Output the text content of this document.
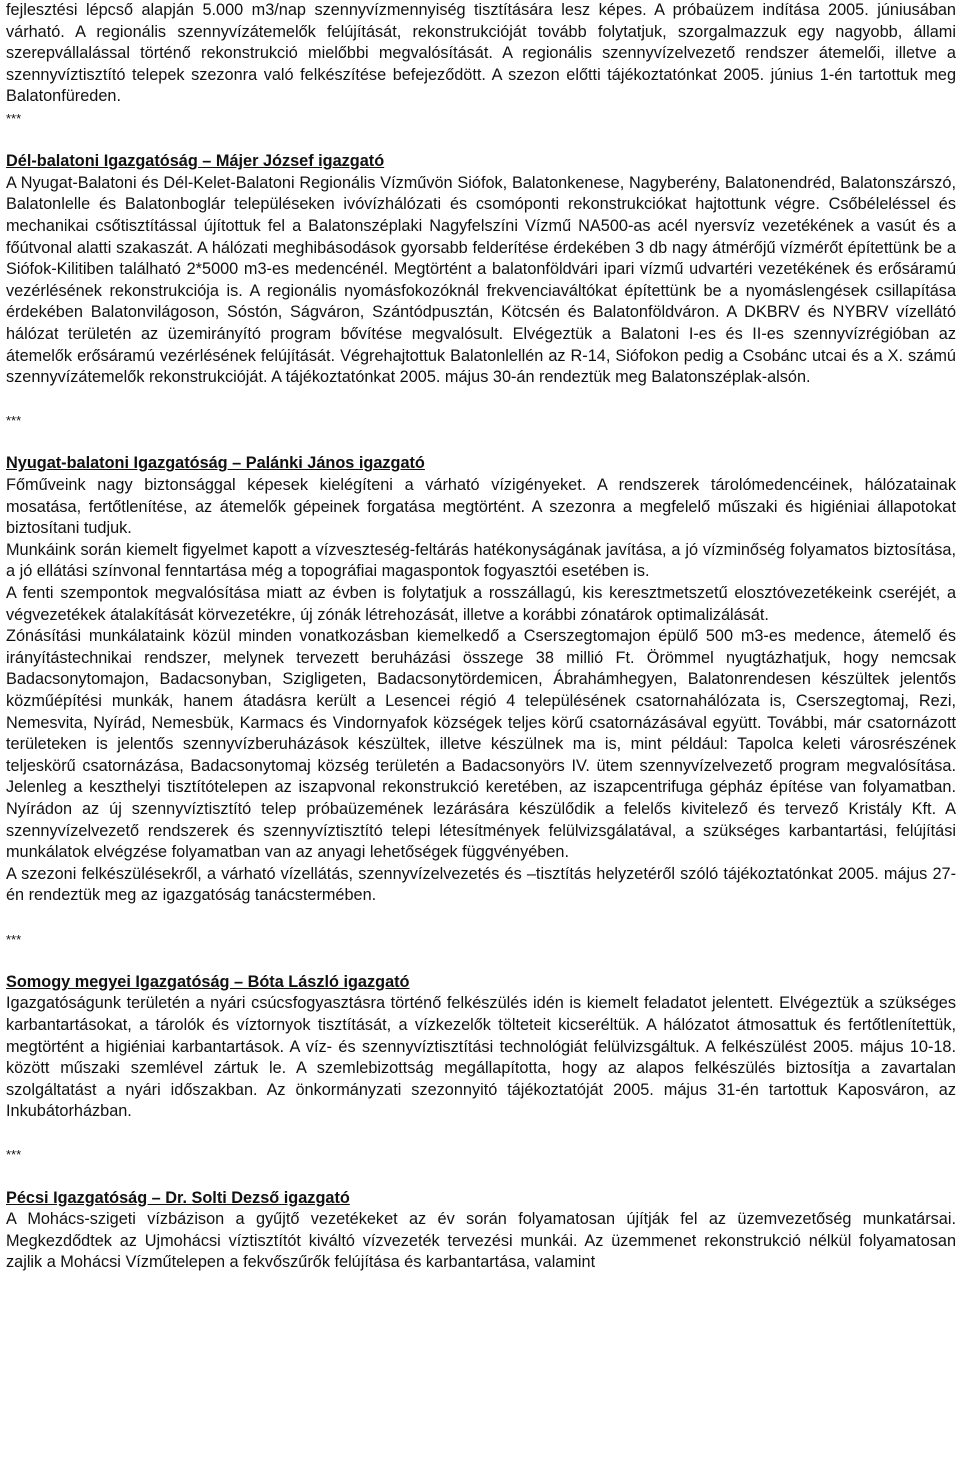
fejlesztési lépcső alapján 5.000 m3/nap szennyvízmennyiség tisztítására lesz képes. A próbaüzem indítása 2005. júniusában várható. A regionális szennyvízátemelők felújítását, rekonstrukcióját tovább folytatjuk, szorgalmazzuk egy nagyobb, állami szerepvállalással történő rekonstrukció mielőbbi megvalósítását. A regionális szennyvízelvezető rendszer átemelői, illetve a szennyvíztisztító telepek szezonra való felkészítése befejeződött. A szezon előtti tájékoztatónkat 2005. június 1-én tartottuk meg Balatonfüreden.

***

Dél-balatoni Igazgatóság – Májer József igazgató

A Nyugat-Balatoni és Dél-Kelet-Balatoni Regionális Vízművön Siófok, Balatonkenese, Nagyberény, Balatonendréd, Balatonszárszó, Balatonlelle és Balatonboglár településeken ivóvízhálózati és csomóponti rekonstrukciókat hajtottunk végre. Csőbéleléssel és mechanikai csőtisztítással újítottuk fel a Balatonszéplaki Nagyfelszíni Vízmű NA500-as acél nyersvíz vezetékének a vasút és a főútvonal alatti szakaszát. A hálózati meghibásodások gyorsabb felderítése érdekében 3 db nagy átmérőjű vízmérőt építettünk be a Siófok-Kilitiben található 2*5000 m3-es medencénél. Megtörtént a balatonföldvári ipari vízmű udvartéri vezetékének és erősáramú vezérlésének rekonstrukciója is. A regionális nyomásfokozóknál frekvenciaváltókat építettünk be a nyomáslengések csillapítása érdekében Balatonvilágoson, Sóstón, Ságváron, Szántódpusztán, Kötcsén és Balatonföldváron. A DKBRV és NYBRV vízellátó hálózat területén az üzemirányító program bővítése megvalósult. Elvégeztük a Balatoni I-es és II-es szennyvízrégióban az átemelők erősáramú vezérlésének felújítását. Végrehajtottuk Balatonlellén az R-14, Siófokon pedig a Csobánc utcai és a X. számú szennyvízátemelők rekonstrukcióját. A tájékoztatónkat 2005. május 30-án rendeztük meg Balatonszéplak-alsón.

***

Nyugat-balatoni Igazgatóság – Palánki János igazgató

Főműveink nagy biztonsággal képesek kielégíteni a várható vízigényeket. A rendszerek tárolómedencéinek, hálózatainak mosatása, fertőtlenítése, az átemelők gépeinek forgatása megtörtént. A szezonra a megfelelő műszaki és higiéniai állapotokat biztosítani tudjuk.

Munkáink során kiemelt figyelmet kapott a vízveszteség-feltárás hatékonyságának javítása, a jó vízminőség folyamatos biztosítása, a jó ellátási színvonal fenntartása még a topográfiai magaspontok fogyasztói esetében is.

A fenti szempontok megvalósítása miatt az évben is folytatjuk a rosszállagú, kis keresztmetszetű elosztóvezetékeink cseréjét, a végvezetékek átalakítását körvezetékre, új zónák létrehozását, illetve a korábbi zónatárok optimalizálását.

Zónásítási munkálataink közül minden vonatkozásban kiemelkedő a Cserszegtomajon épülő 500 m3-es medence, átemelő és irányítástechnikai rendszer, melynek tervezett beruházási összege 38 millió Ft. Örömmel nyugtázhatjuk, hogy nemcsak Badacsonytomajon, Badacsonyban, Szigligeten, Badacsonytördemicen, Ábrahámhegyen, Balatonrendesen készültek jelentős közműépítési munkák, hanem átadásra került a Lesencei régió 4 településének csatornahálózata is, Cserszegtomaj, Rezi, Nemesvita, Nyírád, Nemesbük, Karmacs és Vindornyafok községek teljes körű csatornázásával együtt. További, már csatornázott területeken is jelentős szennyvízberuházások készültek, illetve készülnek ma is, mint például: Tapolca keleti városrészének teljeskörű csatornázása, Badacsonytomaj község területén a Badacsonyörs IV. ütem szennyvízelvezető program megvalósítása. Jelenleg a keszthelyi tisztítótelepen az iszapvonal rekonstrukció keretében, az iszapcentrifuga gépház építése van folyamatban. Nyírádon az új szennyvíztisztító telep próbaüzemének lezárására készülődik a felelős kivitelező és tervező Kristály Kft. A szennyvízelvezető rendszerek és szennyvíztisztító telepi létesítmények felülvizsgálatával, a szükséges karbantartási, felújítási munkálatok elvégzése folyamatban van az anyagi lehetőségek függvényében.

A szezoni felkészülésekről, a várható vízellátás, szennyvízelvezetés és –tisztítás helyzetéről szóló tájékoztatónkat 2005. május 27-én rendeztük meg az igazgatóság tanácstermében.

***

Somogy megyei Igazgatóság – Bóta László igazgató

Igazgatóságunk területén a nyári csúcsfogyasztásra történő felkészülés idén is kiemelt feladatot jelentett. Elvégeztük a szükséges karbantartásokat, a tárolók és víztornyok tisztítását, a vízkezelők tölteteit kicseréltük. A hálózatot átmosattuk és fertőtlenítettük, megtörtént a higiéniai karbantartások. A víz- és szennyvíztisztítási technológiát felülvizsgáltuk. A felkészülést 2005. május 10-18. között műszaki szemlével zártuk le. A szemlebizottság megállapította, hogy az alapos felkészülés biztosítja a zavartalan szolgáltatást a nyári időszakban. Az önkormányzati szezonnyitó tájékoztatóját 2005. május 31-én tartottuk Kaposváron, az Inkubátorházban.

***

Pécsi Igazgatóság – Dr. Solti Dezső igazgató

A Mohács-szigeti vízbázison a gyűjtő vezetékeket az év során folyamatosan újítják fel az üzemvezetőség munkatársai. Megkezdődtek az Ujmohácsi víztisztítót kiváltó vízvezeték tervezési munkái. Az üzemmenet rekonstrukció nélkül folyamatosan zajlik a Mohácsi Vízműtelepen a fekvőszűrők felújítása és karbantartása, valamint
